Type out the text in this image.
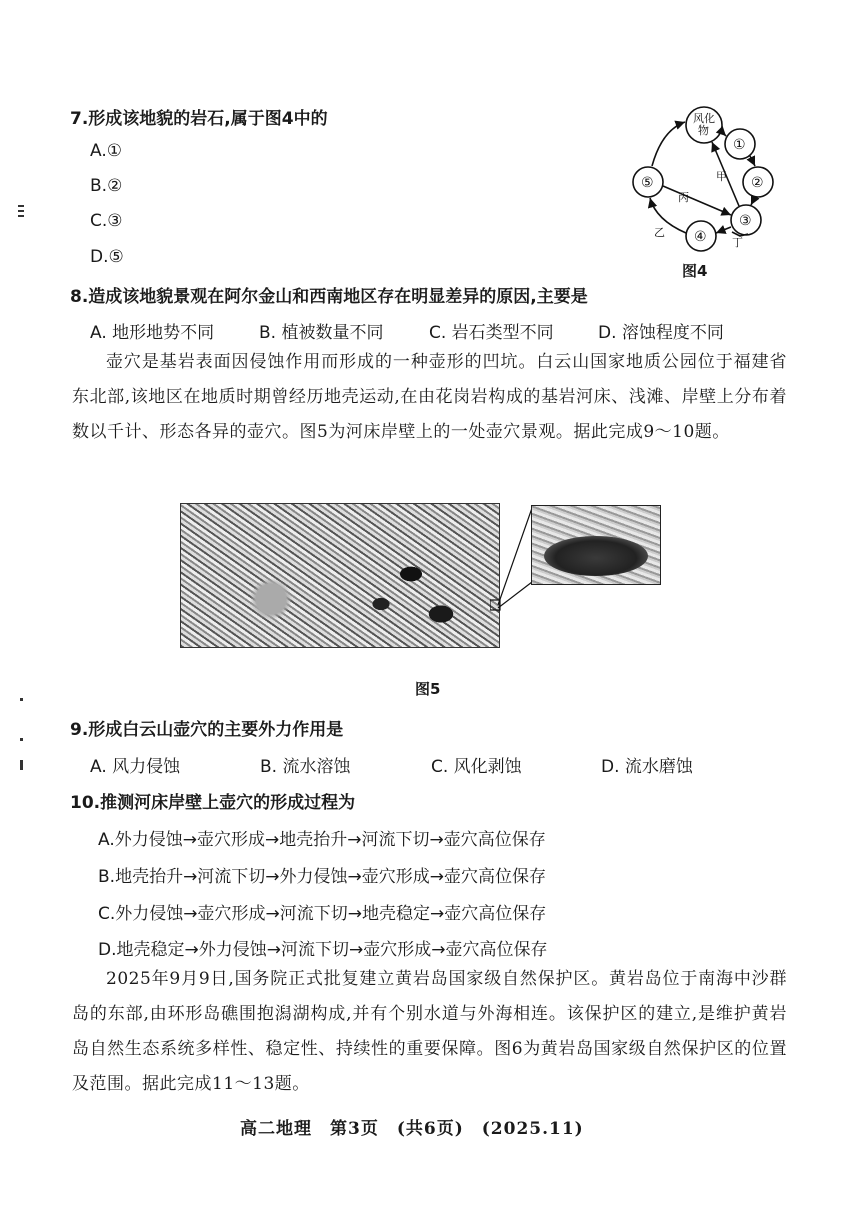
7.形成该地貌的岩石,属于图4中的
A.①
B.②
C.③
D.⑤
风化
物
①
②
③
④
⑤	甲
丙
乙
丁
图4
8.造成该地貌景观在阿尔金山和西南地区存在明显差异的原因,主要是
A. 地形地势不同	B. 植被数量不同	C. 岩石类型不同	D. 溶蚀程度不同

壶穴是基岩表面因侵蚀作用而形成的一种壶形的凹坑。白云山国家地质公园位于福建省东北部,该地区在地质时期曾经历地壳运动,在由花岗岩构成的基岩河床、浅滩、岸壁上分布着数以千计、形态各异的壶穴。图5为河床岸壁上的一处壶穴景观。据此完成9～10题。

图5
9.形成白云山壶穴的主要外力作用是
A. 风力侵蚀	B. 流水溶蚀	C. 风化剥蚀	D. 流水磨蚀
10.推测河床岸壁上壶穴的形成过程为
A.外力侵蚀→壶穴形成→地壳抬升→河流下切→壶穴高位保存
B.地壳抬升→河流下切→外力侵蚀→壶穴形成→壶穴高位保存
C.外力侵蚀→壶穴形成→河流下切→地壳稳定→壶穴高位保存
D.地壳稳定→外力侵蚀→河流下切→壶穴形成→壶穴高位保存

2025年9月9日,国务院正式批复建立黄岩岛国家级自然保护区。黄岩岛位于南海中沙群岛的东部,由环形岛礁围抱潟湖构成,并有个别水道与外海相连。该保护区的建立,是维护黄岩岛自然生态系统多样性、稳定性、持续性的重要保障。图6为黄岩岛国家级自然保护区的位置及范围。据此完成11～13题。

高二地理　第3页　(共6页)　(2025.11)
